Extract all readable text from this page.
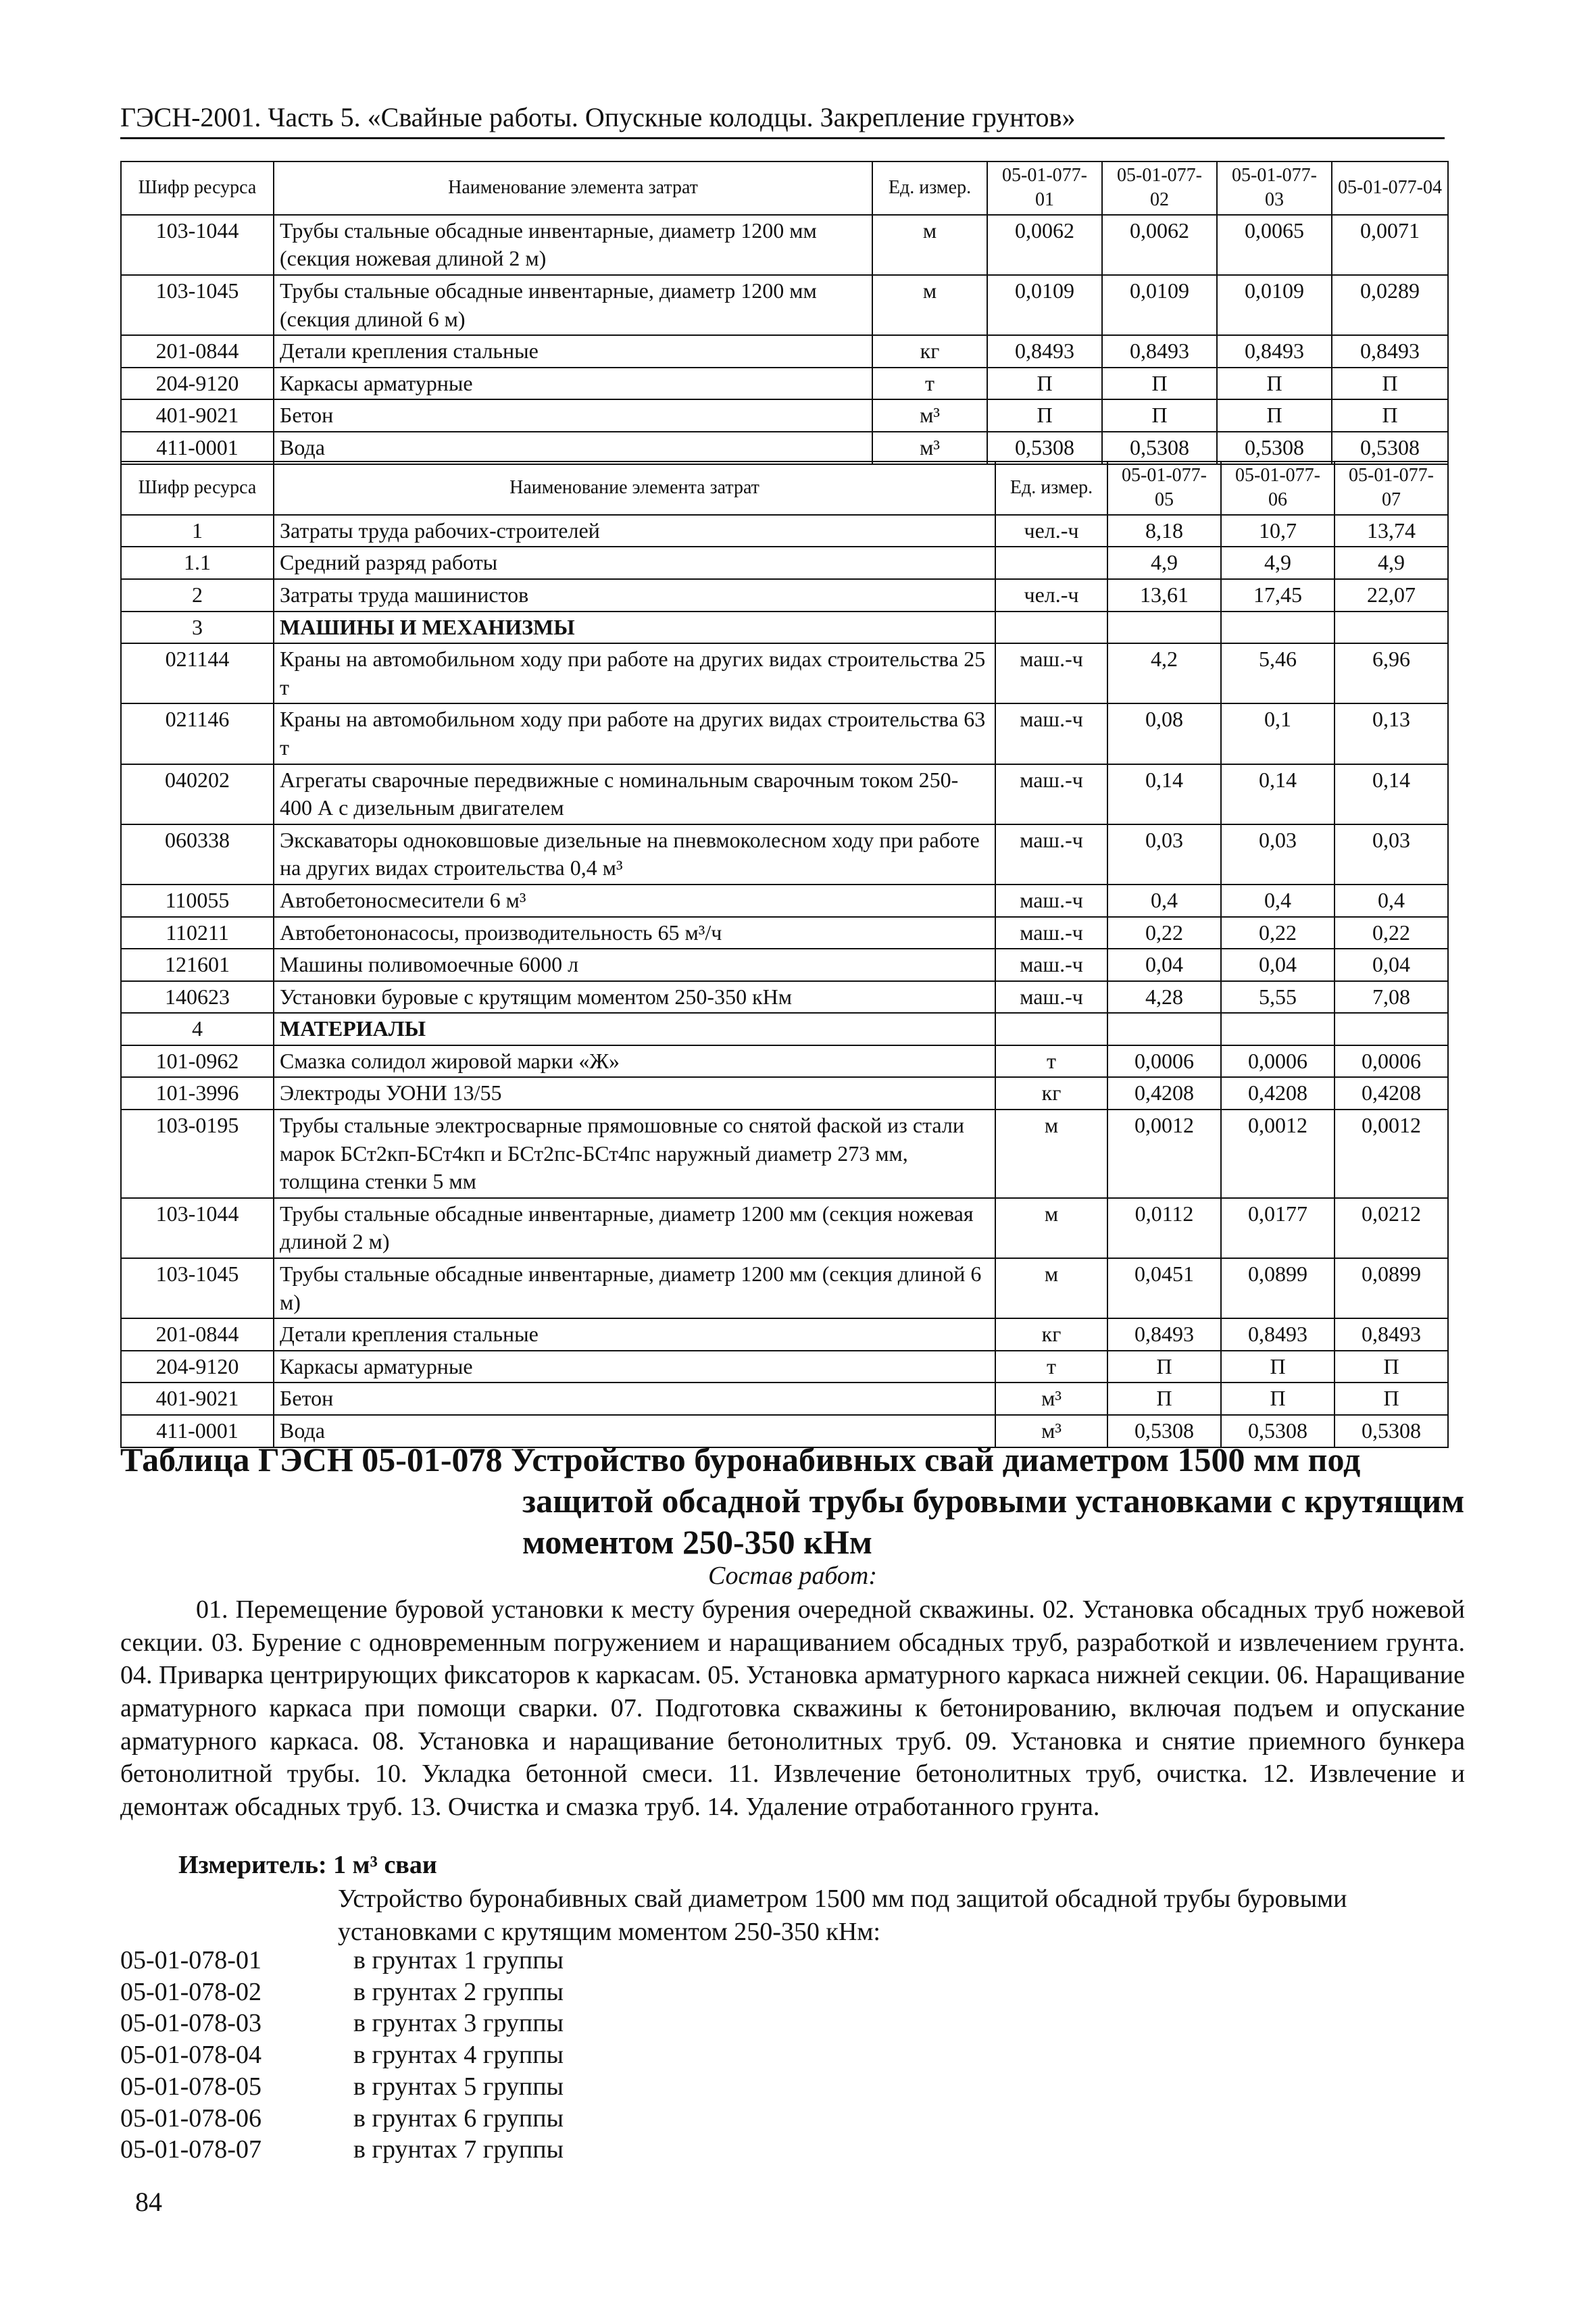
ГЭСН-2001. Часть 5. «Свайные работы. Опускные колодцы. Закрепление грунтов»
Шифр ресурса	Наименование элемента затрат	Ед. измер.	05-01-077-01	05-01-077-02	05-01-077-03	05-01-077-04
103-1044	Трубы стальные обсадные инвентарные, диаметр 1200 мм (секция ножевая длиной 2 м)	м	0,0062	0,0062	0,0065	0,0071
103-1045	Трубы стальные обсадные инвентарные, диаметр 1200 мм (секция длиной 6 м)	м	0,0109	0,0109	0,0109	0,0289
201-0844	Детали крепления стальные	кг	0,8493	0,8493	0,8493	0,8493
204-9120	Каркасы арматурные	т	П	П	П	П
401-9021	Бетон	м³	П	П	П	П
411-0001	Вода	м³	0,5308	0,5308	0,5308	0,5308
Шифр ресурса	Наименование элемента затрат	Ед. измер.	05-01-077-05	05-01-077-06	05-01-077-07
1	Затраты труда рабочих-строителей	чел.-ч	8,18	10,7	13,74
1.1	Средний разряд работы		4,9	4,9	4,9
2	Затраты труда машинистов	чел.-ч	13,61	17,45	22,07
3	МАШИНЫ И МЕХАНИЗМЫ				
021144	Краны на автомобильном ходу при работе на других видах строительства 25 т	маш.-ч	4,2	5,46	6,96
021146	Краны на автомобильном ходу при работе на других видах строительства 63 т	маш.-ч	0,08	0,1	0,13
040202	Агрегаты сварочные передвижные с номинальным сварочным током 250-400 А с дизельным двигателем	маш.-ч	0,14	0,14	0,14
060338	Экскаваторы одноковшовые дизельные на пневмоколесном ходу при работе на других видах строительства 0,4 м³	маш.-ч	0,03	0,03	0,03
110055	Автобетоносмесители 6 м³	маш.-ч	0,4	0,4	0,4
110211	Автобетононасосы, производительность 65 м³/ч	маш.-ч	0,22	0,22	0,22
121601	Машины поливомоечные 6000 л	маш.-ч	0,04	0,04	0,04
140623	Установки буровые с крутящим моментом 250-350 кНм	маш.-ч	4,28	5,55	7,08
4	МАТЕРИАЛЫ				
101-0962	Смазка солидол жировой марки «Ж»	т	0,0006	0,0006	0,0006
101-3996	Электроды УОНИ 13/55	кг	0,4208	0,4208	0,4208
103-0195	Трубы стальные электросварные прямошовные со снятой фаской из стали марок БСт2кп-БСт4кп и БСт2пс-БСт4пс наружный диаметр 273 мм, толщина стенки 5 мм	м	0,0012	0,0012	0,0012
103-1044	Трубы стальные обсадные инвентарные, диаметр 1200 мм (секция ножевая длиной 2 м)	м	0,0112	0,0177	0,0212
103-1045	Трубы стальные обсадные инвентарные, диаметр 1200 мм (секция длиной 6 м)	м	0,0451	0,0899	0,0899
201-0844	Детали крепления стальные	кг	0,8493	0,8493	0,8493
204-9120	Каркасы арматурные	т	П	П	П
401-9021	Бетон	м³	П	П	П
411-0001	Вода	м³	0,5308	0,5308	0,5308
Таблица ГЭСН 05-01-078 Устройство буронабивных свай диаметром 1500 мм под
защитой обсадной трубы буровыми установками с крутящим
моментом 250-350 кНм
Состав работ:
01. Перемещение буровой установки к месту бурения очередной скважины. 02. Установка обсадных труб ножевой секции. 03. Бурение с одновременным погружением и наращиванием обсадных труб, разработкой и извлечением грунта. 04. Приварка центрирующих фиксаторов к каркасам. 05. Установка арматурного каркаса нижней секции. 06. Наращивание арматурного каркаса при помощи сварки. 07. Подготовка скважины к бетонированию, включая подъем и опускание арматурного каркаса. 08. Установка и наращивание бетонолитных труб. 09. Установка и снятие приемного бункера бетонолитной трубы. 10. Укладка бетонной смеси. 11. Извлечение бетонолитных труб, очистка. 12. Извлечение и демонтаж обсадных труб. 13. Очистка и смазка труб. 14. Удаление отработанного грунта.
Измеритель: 1 м³ сваи
Устройство буронабивных свай диаметром 1500 мм под защитой обсадной трубы буровыми установками с крутящим моментом 250-350 кНм:
05-01-078-01	в грунтах 1 группы
05-01-078-02	в грунтах 2 группы
05-01-078-03	в грунтах 3 группы
05-01-078-04	в грунтах 4 группы
05-01-078-05	в грунтах 5 группы
05-01-078-06	в грунтах 6 группы
05-01-078-07	в грунтах 7 группы
84
